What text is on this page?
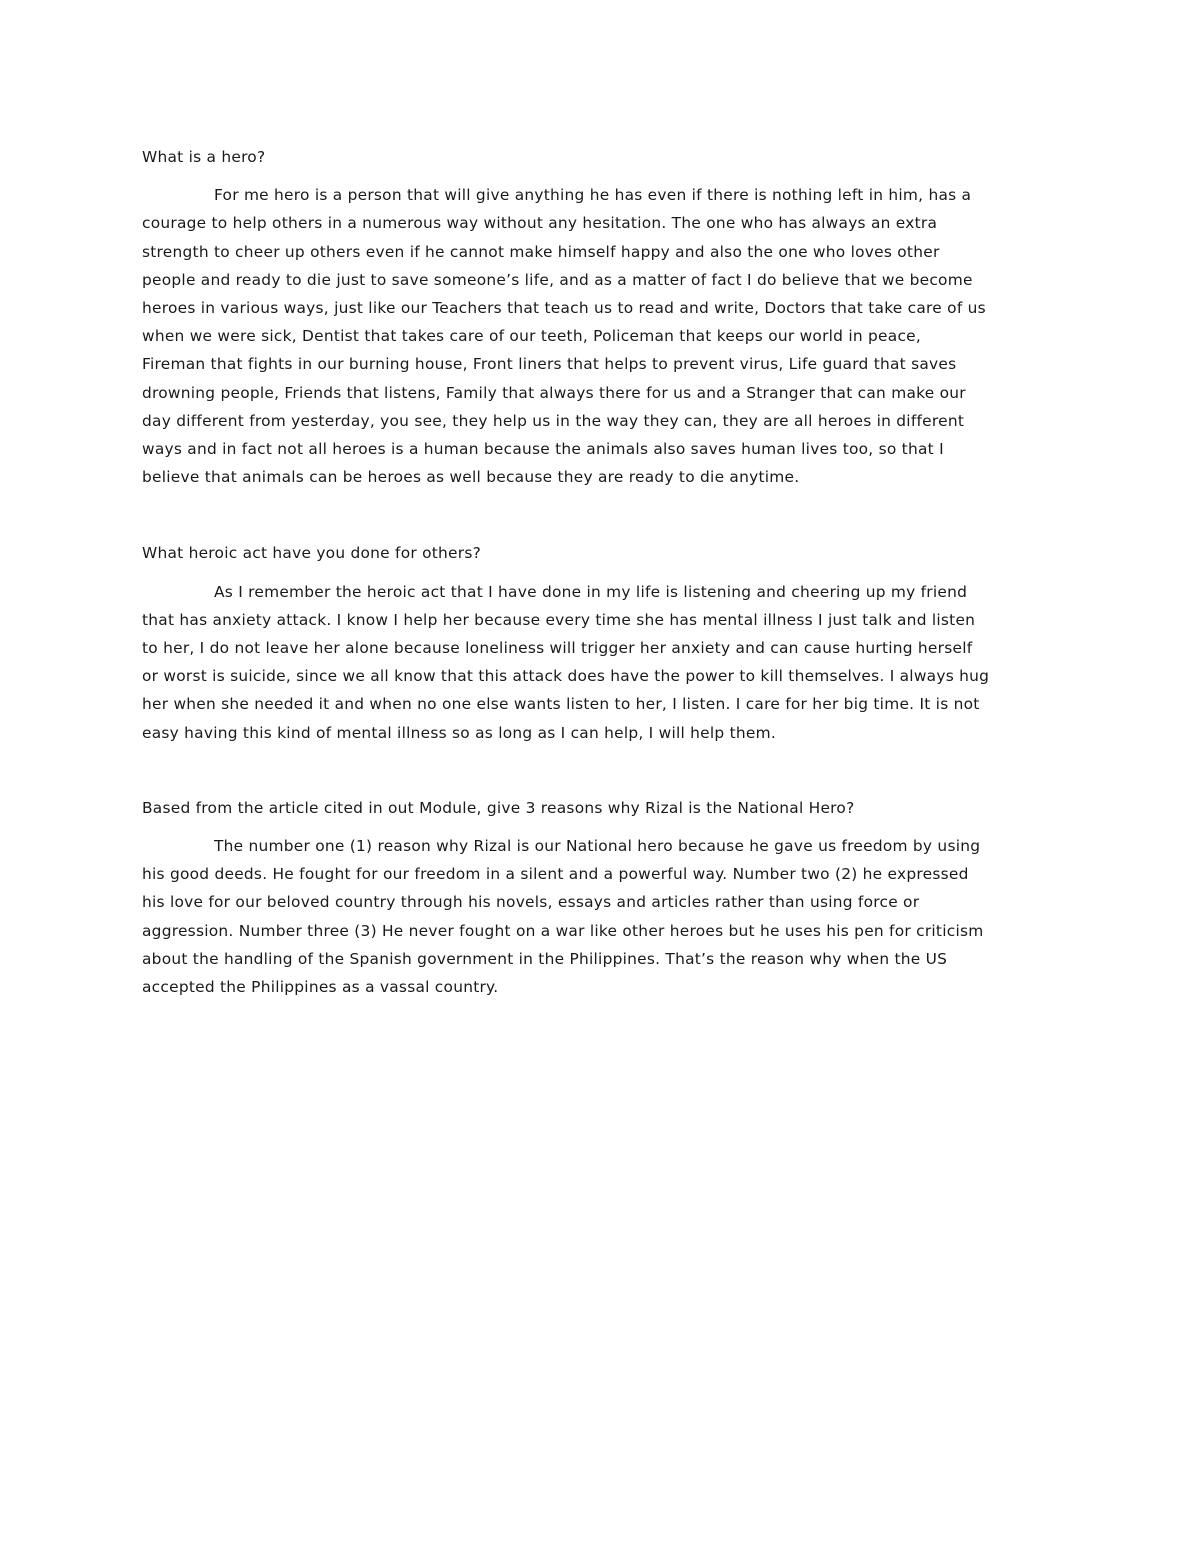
What is a hero?

For me hero is a person that will give anything he has even if there is nothing left in him, has a
courage to help others in a numerous way without any hesitation. The one who has always an extra
strength to cheer up others even if he cannot make himself happy and also the one who loves other
people and ready to die just to save someone’s life, and as a matter of fact I do believe that we become
heroes in various ways, just like our Teachers that teach us to read and write, Doctors that take care of us
when we were sick, Dentist that takes care of our teeth, Policeman that keeps our world in peace,
Fireman that fights in our burning house, Front liners that helps to prevent virus, Life guard that saves
drowning people, Friends that listens, Family that always there for us and a Stranger that can make our
day different from yesterday, you see, they help us in the way they can, they are all heroes in different
ways and in fact not all heroes is a human because the animals also saves human lives too, so that I
believe that animals can be heroes as well because they are ready to die anytime.

What heroic act have you done for others?

As I remember the heroic act that I have done in my life is listening and cheering up my friend
that has anxiety attack. I know I help her because every time she has mental illness I just talk and listen
to her, I do not leave her alone because loneliness will trigger her anxiety and can cause hurting herself
or worst is suicide, since we all know that this attack does have the power to kill themselves. I always hug
her when she needed it and when no one else wants listen to her, I listen. I care for her big time. It is not
easy having this kind of mental illness so as long as I can help, I will help them.

Based from the article cited in out Module, give 3 reasons why Rizal is the National Hero?

The number one (1) reason why Rizal is our National hero because he gave us freedom by using
his good deeds. He fought for our freedom in a silent and a powerful way. Number two (2) he expressed
his love for our beloved country through his novels, essays and articles rather than using force or
aggression. Number three (3) He never fought on a war like other heroes but he uses his pen for criticism
about the handling of the Spanish government in the Philippines. That’s the reason why when the US
accepted the Philippines as a vassal country.
